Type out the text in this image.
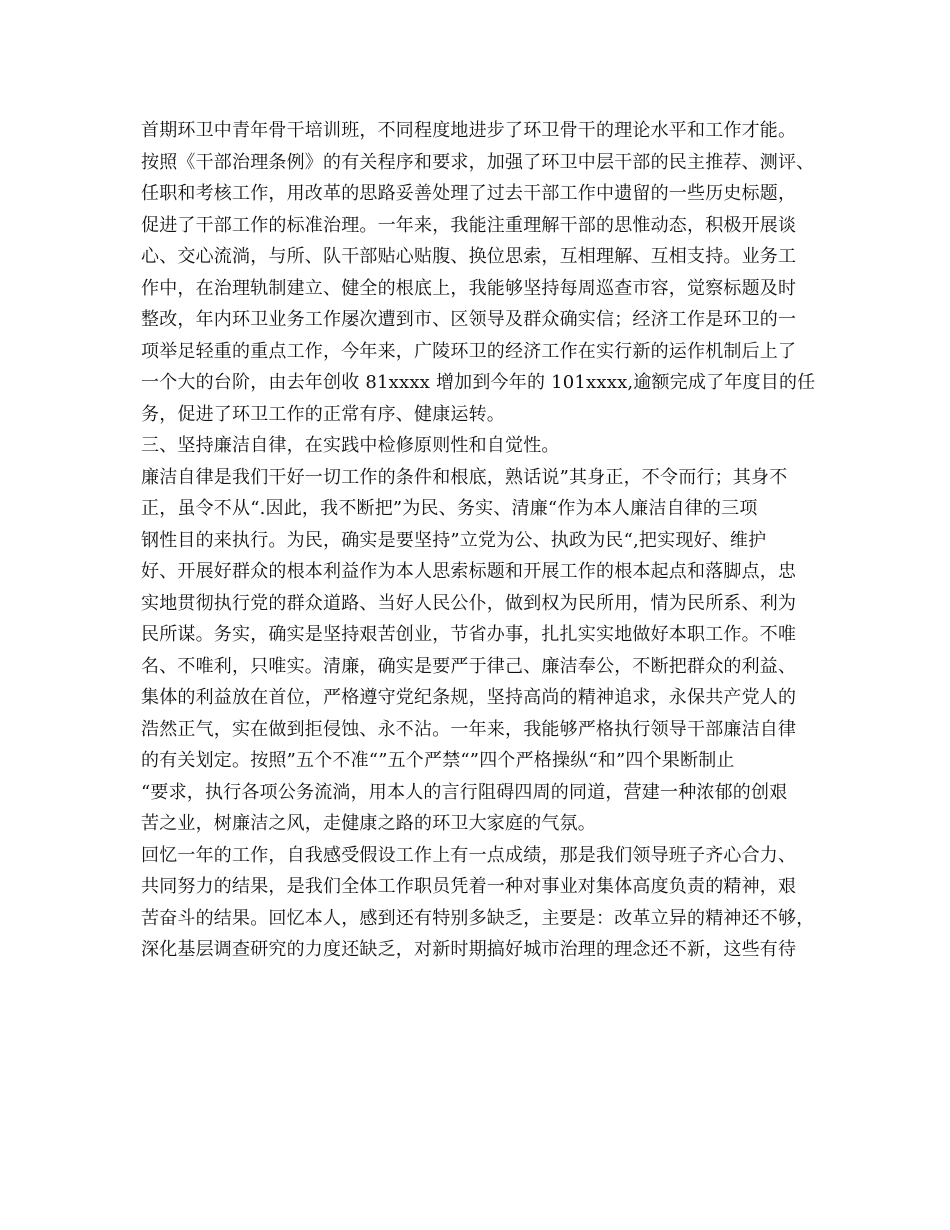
首期环卫中青年骨干培训班，不同程度地进步了环卫骨干的理论水平和工作才能。
按照《干部治理条例》的有关程序和要求，加强了环卫中层干部的民主推荐、测评、
任职和考核工作，用改革的思路妥善处理了过去干部工作中遗留的一些历史标题，
促进了干部工作的标准治理。一年来，我能注重理解干部的思惟动态，积极开展谈
心、交心流淌，与所、队干部贴心贴腹、换位思索，互相理解、互相支持。业务工
作中，在治理轨制建立、健全的根底上，我能够坚持每周巡查市容，觉察标题及时
整改，年内环卫业务工作屡次遭到市、区领导及群众确实信；经济工作是环卫的一
项举足轻重的重点工作，今年来，广陵环卫的经济工作在实行新的运作机制后上了
一个大的台阶，由去年创收 81xxxx 增加到今年的 101xxxx,逾额完成了年度目的任
务，促进了环卫工作的正常有序、健康运转。
三、坚持廉洁自律，在实践中检修原则性和自觉性。
廉洁自律是我们干好一切工作的条件和根底，熟话说”其身正，不令而行；其身不
正，虽令不从“.因此，我不断把”为民、务实、清廉“作为本人廉洁自律的三项
钢性目的来执行。为民，确实是要坚持”立党为公、执政为民“,把实现好、维护
好、开展好群众的根本利益作为本人思索标题和开展工作的根本起点和落脚点，忠
实地贯彻执行党的群众道路、当好人民公仆，做到权为民所用，情为民所系、利为
民所谋。务实，确实是坚持艰苦创业，节省办事，扎扎实实地做好本职工作。不唯
名、不唯利，只唯实。清廉，确实是要严于律己、廉洁奉公，不断把群众的利益、
集体的利益放在首位，严格遵守党纪条规，坚持高尚的精神追求，永保共产党人的
浩然正气，实在做到拒侵蚀、永不沾。一年来，我能够严格执行领导干部廉洁自律
的有关划定。按照”五个不准“”五个严禁“”四个严格操纵“和”四个果断制止
“要求，执行各项公务流淌，用本人的言行阻碍四周的同道，营建一种浓郁的创艰
苦之业，树廉洁之风，走健康之路的环卫大家庭的气氛。
回忆一年的工作，自我感受假设工作上有一点成绩，那是我们领导班子齐心合力、
共同努力的结果，是我们全体工作职员凭着一种对事业对集体高度负责的精神，艰
苦奋斗的结果。回忆本人，感到还有特别多缺乏，主要是：改革立异的精神还不够，
深化基层调查研究的力度还缺乏，对新时期搞好城市治理的理念还不新，这些有待
